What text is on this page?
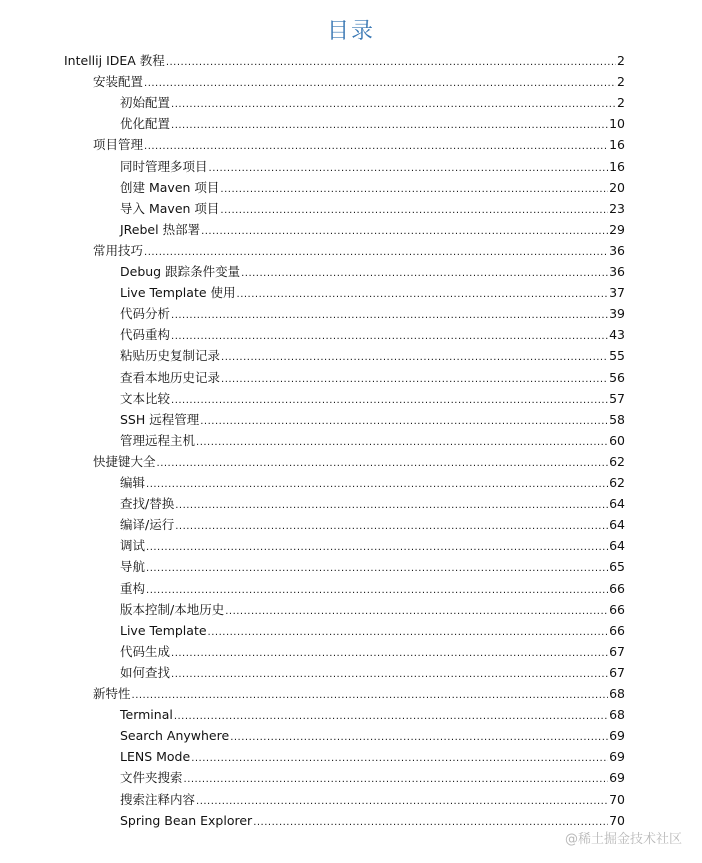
目录
Intellij IDEA 教程 .....	2
安装配置 .....	2
初始配置 .....	2
优化配置 .....	10
项目管理 .....	16
同时管理多项目 .....	16
创建 Maven 项目 .....	20
导入 Maven 项目 .....	23
JRebel 热部署 .....	29
常用技巧 .....	36
Debug 跟踪条件变量 .....	36
Live Template 使用 .....	37
代码分析 .....	39
代码重构 .....	43
粘贴历史复制记录 .....	55
查看本地历史记录 .....	56
文本比较 .....	57
SSH 远程管理 .....	58
管理远程主机 .....	60
快捷键大全 .....	62
编辑 .....	62
查找/替换 .....	64
编译/运行 .....	64
调试 .....	64
导航 .....	65
重构 .....	66
版本控制/本地历史 .....	66
Live Template .....	66
代码生成 .....	67
如何查找 .....	67
新特性 .....	68
Terminal .....	68
Search Anywhere .....	69
LENS Mode .....	69
文件夹搜索 .....	69
搜索注释内容 .....	70
Spring Bean Explorer .....	70
@稀土掘金技术社区
